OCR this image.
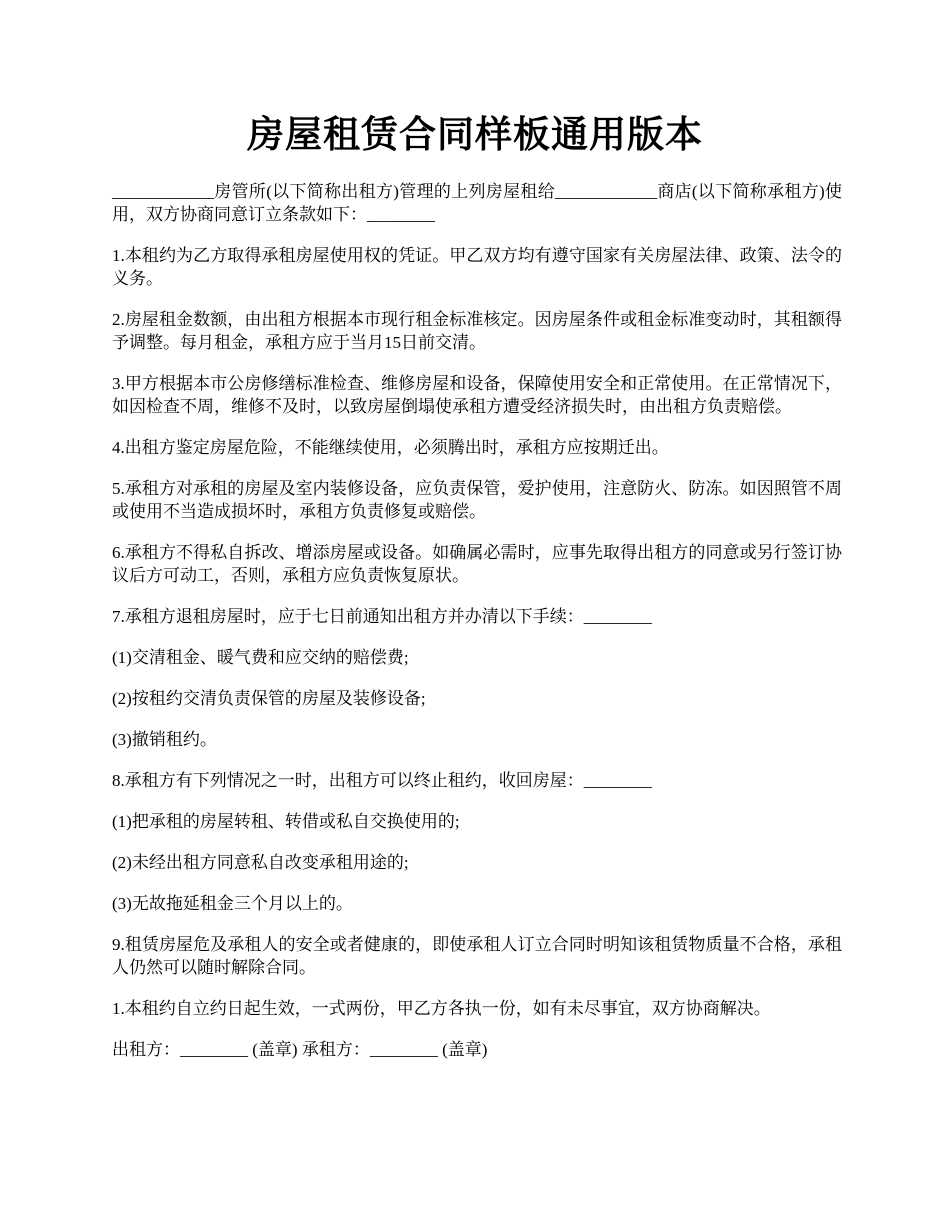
房屋租赁合同样板通用版本

____________房管所(以下简称出租方)管理的上列房屋租给____________商店(以下简称承租方)使用，双方协商同意订立条款如下：________

1.本租约为乙方取得承租房屋使用权的凭证。甲乙双方均有遵守国家有关房屋法律、政策、法令的义务。

2.房屋租金数额，由出租方根据本市现行租金标准核定。因房屋条件或租金标准变动时，其租额得予调整。每月租金，承租方应于当月15日前交清。

3.甲方根据本市公房修缮标准检查、维修房屋和设备，保障使用安全和正常使用。在正常情况下，如因检查不周，维修不及时，以致房屋倒塌使承租方遭受经济损失时，由出租方负责赔偿。

4.出租方鉴定房屋危险，不能继续使用，必须腾出时，承租方应按期迁出。

5.承租方对承租的房屋及室内装修设备，应负责保管，爱护使用，注意防火、防冻。如因照管不周或使用不当造成损坏时，承租方负责修复或赔偿。

6.承租方不得私自拆改、增添房屋或设备。如确属必需时，应事先取得出租方的同意或另行签订协议后方可动工，否则，承租方应负责恢复原状。

7.承租方退租房屋时，应于七日前通知出租方并办清以下手续：________

(1)交清租金、暖气费和应交纳的赔偿费;

(2)按租约交清负责保管的房屋及装修设备;

(3)撤销租约。

8.承租方有下列情况之一时，出租方可以终止租约，收回房屋：________

(1)把承租的房屋转租、转借或私自交换使用的;

(2)未经出租方同意私自改变承租用途的;

(3)无故拖延租金三个月以上的。

9.租赁房屋危及承租人的安全或者健康的，即使承租人订立合同时明知该租赁物质量不合格，承租人仍然可以随时解除合同。

1.本租约自立约日起生效，一式两份，甲乙方各执一份，如有未尽事宜，双方协商解决。

出租方：________ (盖章) 承租方：________ (盖章)
